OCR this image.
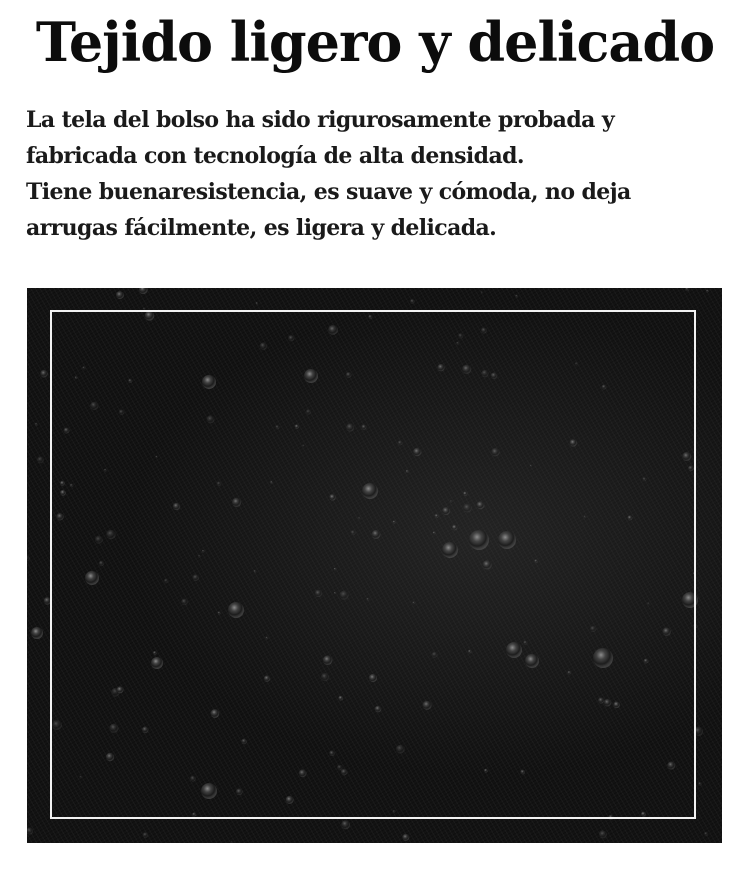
Tejido ligero y delicado

La tela del bolso ha sido rigurosamente probada y

fabricada con tecnología de alta densidad.

Tiene buenaresistencia, es suave y cómoda, no deja

arrugas fácilmente, es ligera y delicada.
